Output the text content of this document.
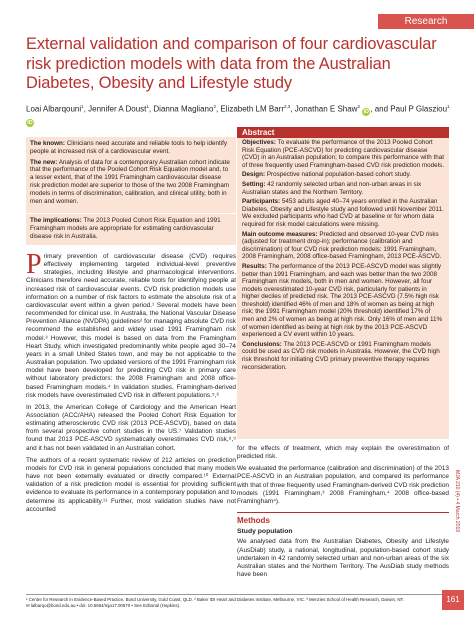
Research
External validation and comparison of four cardiovascular risk prediction models with data from the Australian Diabetes, Obesity and Lifestyle study
Loai Albarqouni$^1$, Jennifer A Doust$^1$, Dianna Magliano$^2$, Elizabeth LM Barr$^{2,3}$, Jonathan E Shaw$^2$ iD, and Paul P Glasziou$^1$ iD

The known: Clinicians need accurate and reliable tools to help identify people at increased risk of a cardiovascular event.

The new: Analysis of data for a contemporary Australian cohort indicate that the performance of the Pooled Cohort Risk Equation model and, to a lesser extent, that of the 1991 Framingham cardiovascular disease risk prediction model are superior to those of the two 2008 Framingham models in terms of discrimination, calibration, and clinical utility, both in men and women.

The implications: The 2013 Pooled Cohort Risk Equation and 1991 Framingham models are appropriate for estimating cardiovascular disease risk in Australia.

Abstract

Objectives: To evaluate the performance of the 2013 Pooled Cohort Risk Equation (PCE-ASCVD) for predicting cardiovascular disease (CVD) in an Australian population; to compare this performance with that of three frequently used Framingham-based CVD risk prediction models.

Design: Prospective national population-based cohort study.

Setting: 42 randomly selected urban and non-urban areas in six Australian states and the Northern Territory.

Participants: 5453 adults aged 40–74 years enrolled in the Australian Diabetes, Obesity and Lifestyle study and followed until November 2011. We excluded participants who had CVD at baseline or for whom data required for risk model calculations were missing.

Main outcome measures: Predicted and observed 10-year CVD risks (adjusted for treatment drop-in); performance (calibration and discrimination) of four CVD risk prediction models: 1991 Framingham, 2008 Framingham, 2008 office-based Framingham, 2013 PCE-ASCVD.

Results: The performance of the 2013 PCE-ASCVD model was slightly better than 1991 Framingham, and each was better than the two 2008 Framingham risk models, both in men and women. However, all four models overestimated 10-year CVD risk, particularly for patients in higher deciles of predicted risk. The 2013 PCE-ASCVD (7.5% high risk threshold) identified 46% of men and 18% of women as being at high risk; the 1991 Framingham model (20% threshold) identified 17% of men and 2% of women as being at high risk. Only 16% of men and 11% of women identified as being at high risk by the 2013 PCE-ASCVD experienced a CV event within 10 years.

Conclusions: The 2013 PCE-ASCVD or 1991 Framingham models could be used as CVD risk models in Australia. However, the CVD high risk threshold for initiating CVD primary preventive therapy requires reconsideration.

Primary prevention of cardiovascular disease (CVD) requires effectively implementing targeted individual-level preventive strategies, including lifestyle and pharmacological interventions. Clinicians therefore need accurate, reliable tools for identifying people at increased risk of cardiovascular events. CVD risk prediction models use information on a number of risk factors to estimate the absolute risk of a cardiovascular event within a given period.¹ Several models have been recommended for clinical use. In Australia, the National Vascular Disease Prevention Alliance (NVDPA) guidelines² for managing absolute CVD risk recommend the established and widely used 1991 Framingham risk model.³ However, this model is based on data from the Framingham Heart Study, which investigated predominantly white people aged 30–74 years in a small United States town, and may be not applicable to the Australian population. Two updated versions of the 1991 Framingham risk model have been developed for predicting CVD risk in primary care without laboratory predictors: the 2008 Framingham and 2008 office-based Framingham models.⁴ In validation studies, Framingham-derived risk models have overestimated CVD risk in different populations.⁵,⁶

In 2013, the American College of Cardiology and the American Heart Association (ACC/AHA) released the Pooled Cohort Risk Equation for estimating atherosclerotic CVD risk (2013 PCE-ASCVD), based on data from several prospective cohort studies in the US.⁷ Validation studies found that 2013 PCE-ASCVD systematically overestimates CVD risk,⁸,⁹ and it has not been validated in an Australian cohort.

The authors of a recent systematic review of 212 articles on prediction models for CVD risk in general populations concluded that many models have not been externally evaluated or directly compared.¹⁰ External validation of a risk prediction model is essential for providing sufficient evidence to evaluate its performance in a contemporary population and to determine its applicability.¹¹ Further, most validation studies have not accounted

for the effects of treatment, which may explain the overestimation of predicted risk.

We evaluated the performance (calibration and discrimination) of the 2013 PCE-ASCVD in an Australian population, and compared its performance with that of three frequently used Framingham-derived CVD risk prediction models (1991 Framingham,³ 2008 Framingham,⁴ 2008 office-based Framingham⁴).

Methods
Study population

We analysed data from the Australian Diabetes, Obesity and Lifestyle (AusDiab) study, a national, longitudinal, population-based cohort study undertaken in 42 randomly selected urban and non-urban areas of the six Australian states and the Northern Territory. The AusDiab study methods have been

MJA 210 (4) • 4 March 2019
¹ Centre for Research in Evidence-Based Practice, Bond University, Gold Coast, QLD. ² Baker IDI Heart and Diabetes Institute, Melbourne, VIC. ³ Menzies School of Health Research, Darwin, NT.
✉ lalbarqo@bond.edu.au • doi: 10.5694/mja17.00670 • See Editorial (Hopkins).
161
